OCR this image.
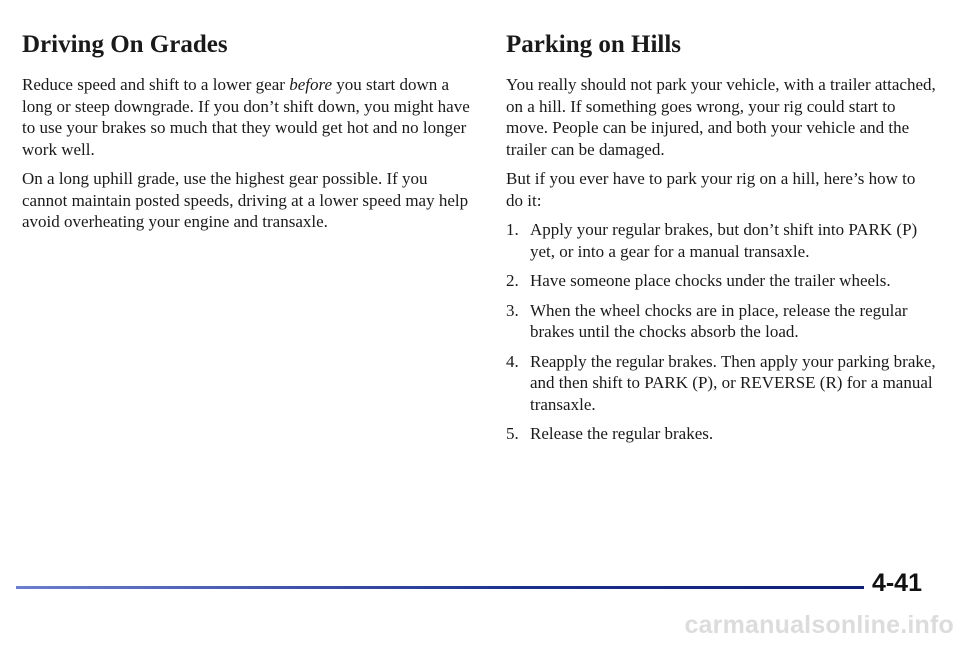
Driving On Grades

Reduce speed and shift to a lower gear before you start down a long or steep downgrade. If you don’t shift down, you might have to use your brakes so much that they would get hot and no longer work well.

On a long uphill grade, use the highest gear possible. If you cannot maintain posted speeds, driving at a lower speed may help avoid overheating your engine and transaxle.

Parking on Hills

You really should not park your vehicle, with a trailer attached, on a hill. If something goes wrong, your rig could start to move. People can be injured, and both your vehicle and the trailer can be damaged.

But if you ever have to park your rig on a hill, here’s how to do it:

1. Apply your regular brakes, but don’t shift into PARK (P) yet, or into a gear for a manual transaxle.
2. Have someone place chocks under the trailer wheels.
3. When the wheel chocks are in place, release the regular brakes until the chocks absorb the load.
4. Reapply the regular brakes. Then apply your parking brake, and then shift to PARK (P), or REVERSE (R) for a manual transaxle.
5. Release the regular brakes.
4-41
carmanualsonline.info
